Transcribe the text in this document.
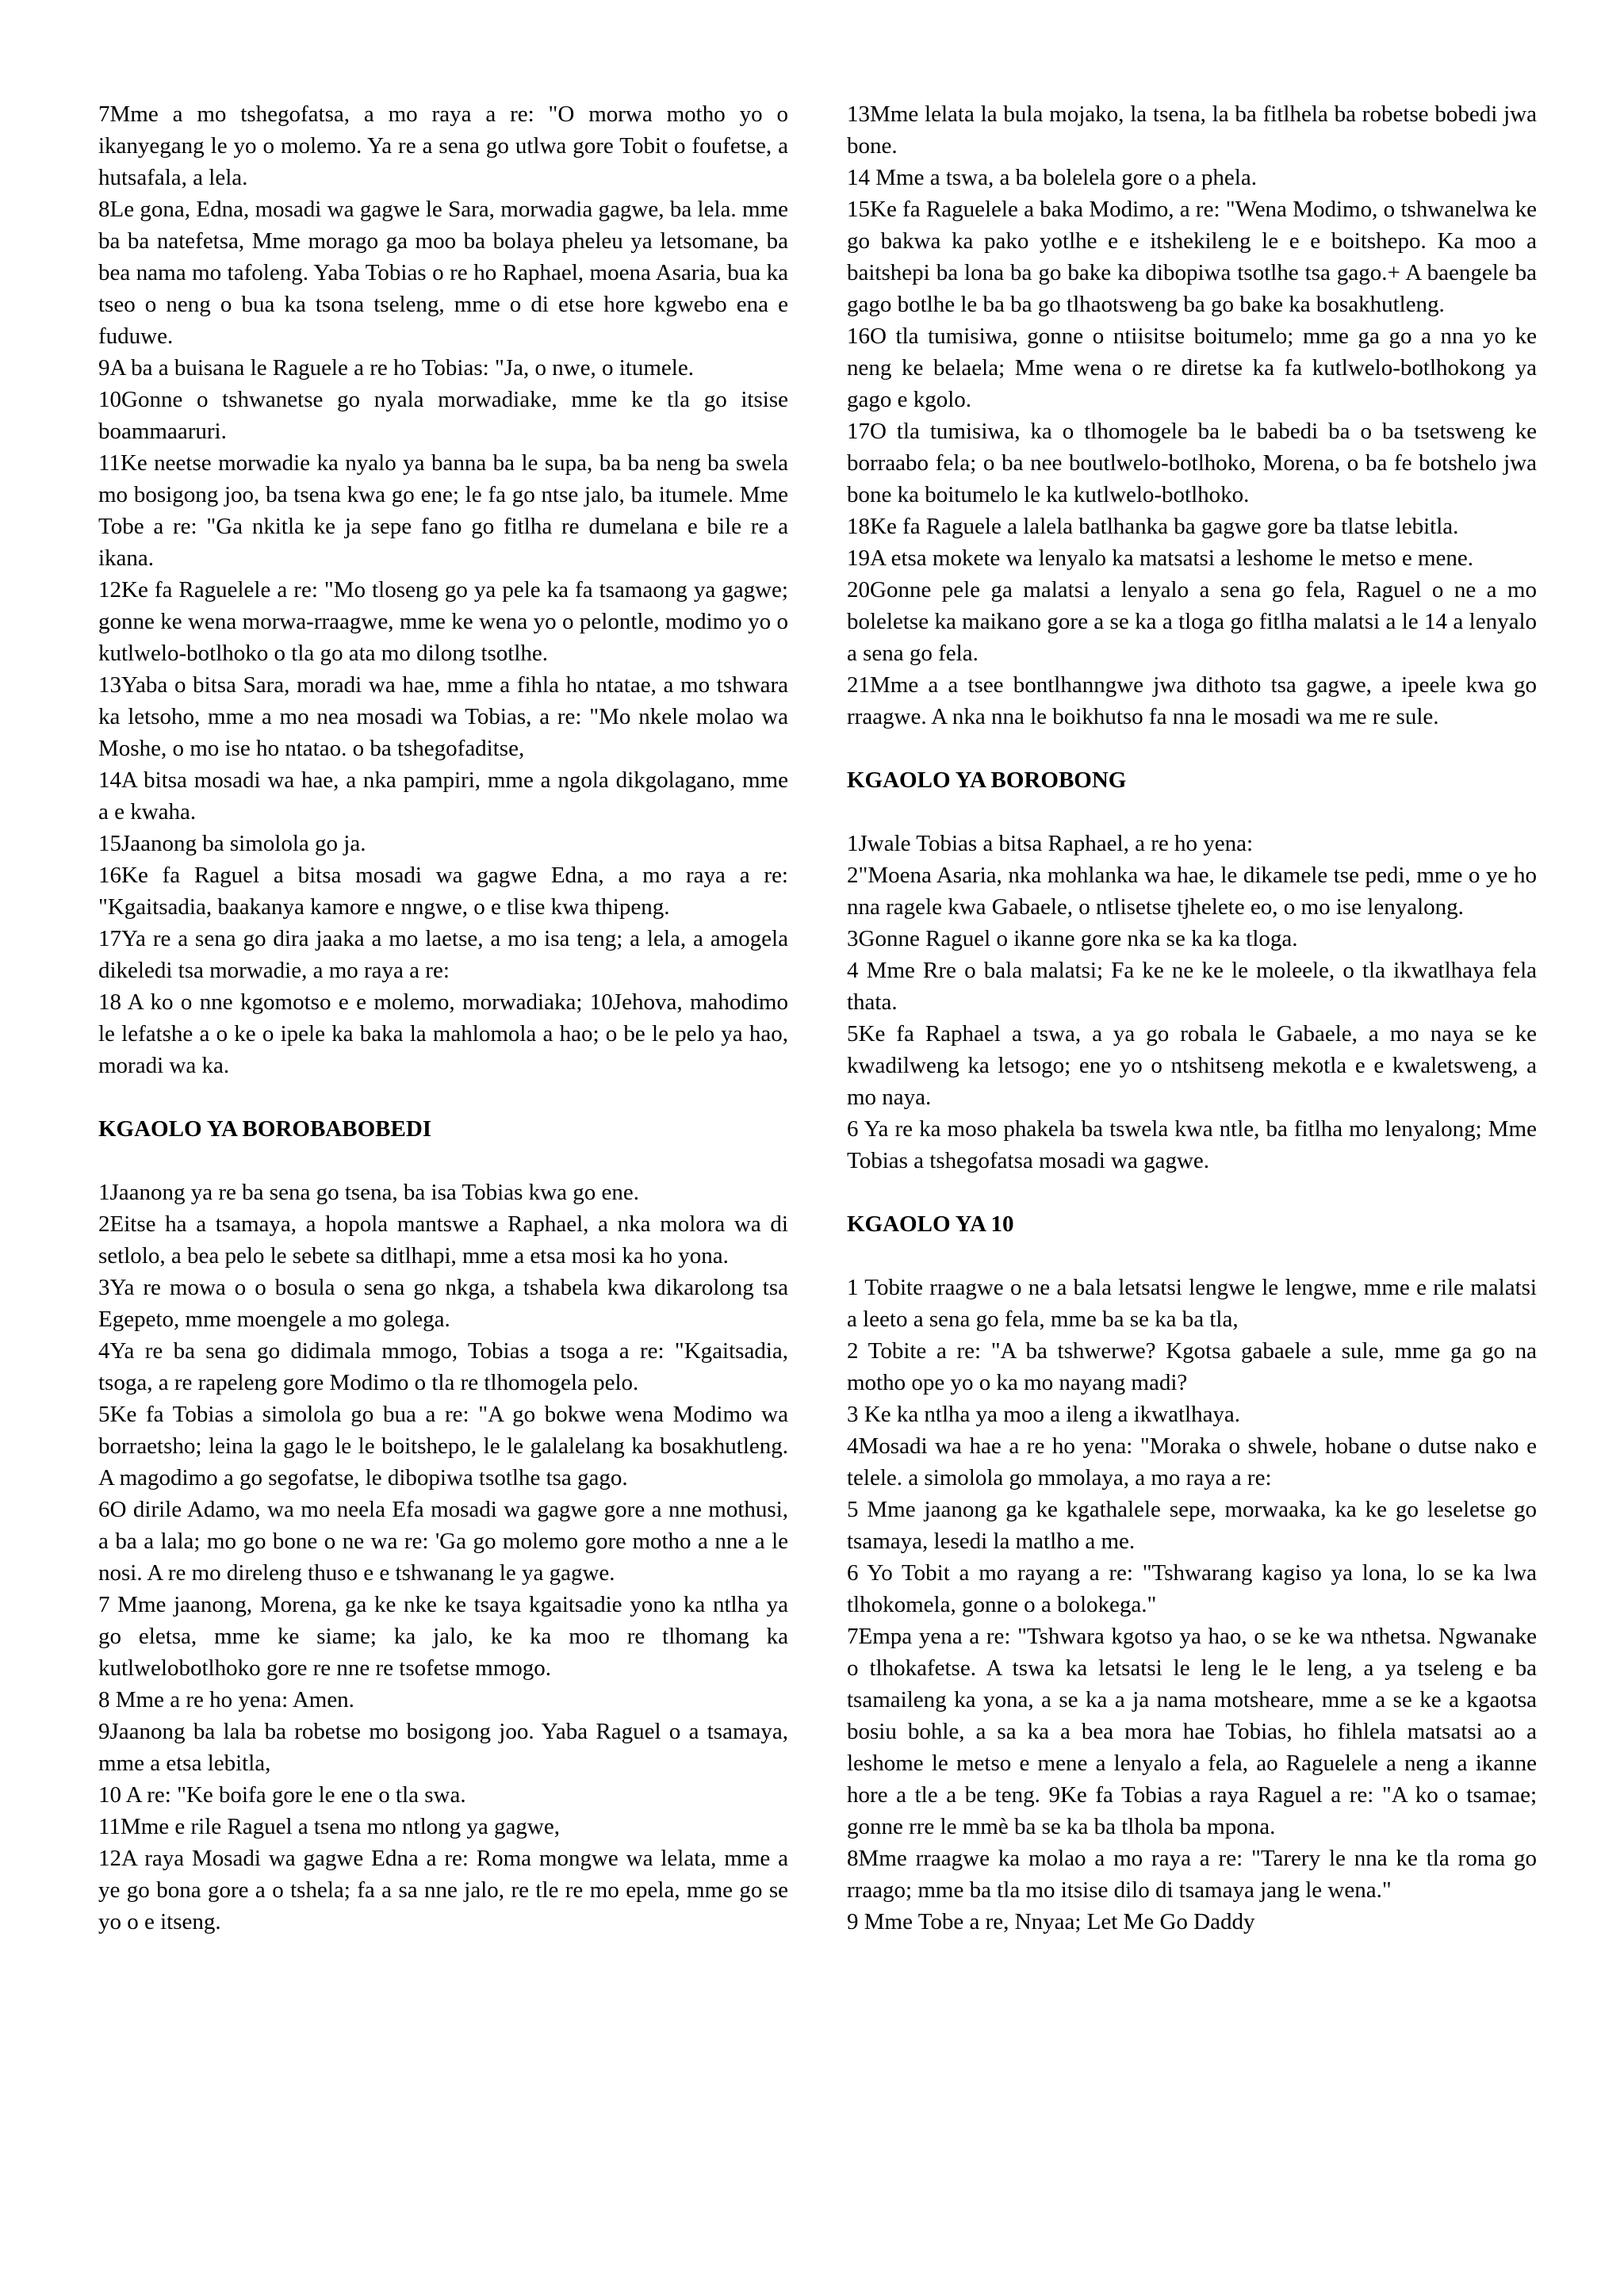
7Mme a mo tshegofatsa, a mo raya a re: "O morwa motho yo o ikanyegang le yo o molemo. Ya re a sena go utlwa gore Tobit o foufetse, a hutsafala, a lela.

8Le gona, Edna, mosadi wa gagwe le Sara, morwadia gagwe, ba lela. mme ba ba natefetsa, Mme morago ga moo ba bolaya pheleu ya letsomane, ba bea nama mo tafoleng. Yaba Tobias o re ho Raphael, moena Asaria, bua ka tseo o neng o bua ka tsona tseleng, mme o di etse hore kgwebo ena e fuduwe.

9A ba a buisana le Raguele a re ho Tobias: "Ja, o nwe, o itumele.

10Gonne o tshwanetse go nyala morwadiake, mme ke tla go itsise boammaaruri.

11Ke neetse morwadie ka nyalo ya banna ba le supa, ba ba neng ba swela mo bosigong joo, ba tsena kwa go ene; le fa go ntse jalo, ba itumele. Mme Tobe a re: "Ga nkitla ke ja sepe fano go fitlha re dumelana e bile re a ikana.

12Ke fa Raguelele a re: "Mo tloseng go ya pele ka fa tsamaong ya gagwe; gonne ke wena morwa-rraagwe, mme ke wena yo o pelontle, modimo yo o kutlwelo-botlhoko o tla go ata mo dilong tsotlhe.

13Yaba o bitsa Sara, moradi wa hae, mme a fihla ho ntatae, a mo tshwara ka letsoho, mme a mo nea mosadi wa Tobias, a re: "Mo nkele molao wa Moshe, o mo ise ho ntatao. o ba tshegofaditse,

14A bitsa mosadi wa hae, a nka pampiri, mme a ngola dikgolagano, mme a e kwaha.

15Jaanong ba simolola go ja.

16Ke fa Raguel a bitsa mosadi wa gagwe Edna, a mo raya a re: "Kgaitsadia, baakanya kamore e nngwe, o e tlise kwa thipeng.

17Ya re a sena go dira jaaka a mo laetse, a mo isa teng; a lela, a amogela dikeledi tsa morwadie, a mo raya a re:

18 A ko o nne kgomotso e e molemo, morwadiaka; 10Jehova, mahodimo le lefatshe a o ke o ipele ka baka la mahlomola a hao; o be le pelo ya hao, moradi wa ka.

KGAOLO YA BOROBABOBEDI

1Jaanong ya re ba sena go tsena, ba isa Tobias kwa go ene.

2Eitse ha a tsamaya, a hopola mantswe a Raphael, a nka molora wa di setlolo, a bea pelo le sebete sa ditlhapi, mme a etsa mosi ka ho yona.

3Ya re mowa o o bosula o sena go nkga, a tshabela kwa dikarolong tsa Egepeto, mme moengele a mo golega.

4Ya re ba sena go didimala mmogo, Tobias a tsoga a re: "Kgaitsadia, tsoga, a re rapeleng gore Modimo o tla re tlhomogela pelo.

5Ke fa Tobias a simolola go bua a re: "A go bokwe wena Modimo wa borraetsho; leina la gago le le boitshepo, le le galalelang ka bosakhutleng. A magodimo a go segofatse, le dibopiwa tsotlhe tsa gago.

6O dirile Adamo, wa mo neela Efa mosadi wa gagwe gore a nne mothusi, a ba a lala; mo go bone o ne wa re: 'Ga go molemo gore motho a nne a le nosi. A re mo direleng thuso e e tshwanang le ya gagwe.

7 Mme jaanong, Morena, ga ke nke ke tsaya kgaitsadie yono ka ntlha ya go eletsa, mme ke siame; ka jalo, ke ka moo re tlhomang ka kutlwelobotlhoko gore re nne re tsofetse mmogo.

8 Mme a re ho yena: Amen.

9Jaanong ba lala ba robetse mo bosigong joo. Yaba Raguel o a tsamaya, mme a etsa lebitla,

10 A re: "Ke boifa gore le ene o tla swa.

11Mme e rile Raguel a tsena mo ntlong ya gagwe,

12A raya Mosadi wa gagwe Edna a re: Roma mongwe wa lelata, mme a ye go bona gore a o tshela; fa a sa nne jalo, re tle re mo epela, mme go se yo o e itseng.

13Mme lelata la bula mojako, la tsena, la ba fitlhela ba robetse bobedi jwa bone.

14 Mme a tswa, a ba bolelela gore o a phela.

15Ke fa Raguelele a baka Modimo, a re: "Wena Modimo, o tshwanelwa ke go bakwa ka pako yotlhe e e itshekileng le e e boitshepo. Ka moo a baitshepi ba lona ba go bake ka dibopiwa tsotlhe tsa gago.+ A baengele ba gago botlhe le ba ba go tlhaotsweng ba go bake ka bosakhutleng.

16O tla tumisiwa, gonne o ntiisitse boitumelo; mme ga go a nna yo ke neng ke belaela; Mme wena o re diretse ka fa kutlwelo-botlhokong ya gago e kgolo.

17O tla tumisiwa, ka o tlhomogele ba le babedi ba o ba tsetsweng ke borraabo fela; o ba nee boutlwelo-botlhoko, Morena, o ba fe botshelo jwa bone ka boitumelo le ka kutlwelo-botlhoko.

18Ke fa Raguele a lalela batlhanka ba gagwe gore ba tlatse lebitla.

19A etsa mokete wa lenyalo ka matsatsi a leshome le metso e mene.

20Gonne pele ga malatsi a lenyalo a sena go fela, Raguel o ne a mo boleletse ka maikano gore a se ka a tloga go fitlha malatsi a le 14 a lenyalo a sena go fela.

21Mme a a tsee bontlhanngwe jwa dithoto tsa gagwe, a ipeele kwa go rraagwe. A nka nna le boikhutso fa nna le mosadi wa me re sule.

KGAOLO YA BOROBONG

1Jwale Tobias a bitsa Raphael, a re ho yena:

2"Moena Asaria, nka mohlanka wa hae, le dikamele tse pedi, mme o ye ho nna ragele kwa Gabaele, o ntlisetse tjhelete eo, o mo ise lenyalong.

3Gonne Raguel o ikanne gore nka se ka ka tloga.

4 Mme Rre o bala malatsi; Fa ke ne ke le moleele, o tla ikwatlhaya fela thata.

5Ke fa Raphael a tswa, a ya go robala le Gabaele, a mo naya se ke kwadilweng ka letsogo; ene yo o ntshitseng mekotla e e kwaletsweng, a mo naya.

6 Ya re ka moso phakela ba tswela kwa ntle, ba fitlha mo lenyalong; Mme Tobias a tshegofatsa mosadi wa gagwe.

KGAOLO YA 10

1 Tobite rraagwe o ne a bala letsatsi lengwe le lengwe, mme e rile malatsi a leeto a sena go fela, mme ba se ka ba tla,

2 Tobite a re: "A ba tshwerwe? Kgotsa gabaele a sule, mme ga go na motho ope yo o ka mo nayang madi?

3 Ke ka ntlha ya moo a ileng a ikwatlhaya.

4Mosadi wa hae a re ho yena: "Moraka o shwele, hobane o dutse nako e telele. a simolola go mmolaya, a mo raya a re:

5 Mme jaanong ga ke kgathalele sepe, morwaaka, ka ke go leseletse go tsamaya, lesedi la matlho a me.

6 Yo Tobit a mo rayang a re: "Tshwarang kagiso ya lona, lo se ka lwa tlhokomela, gonne o a bolokega."

7Empa yena a re: "Tshwara kgotso ya hao, o se ke wa nthetsa. Ngwanake o tlhokafetse. A tswa ka letsatsi le leng le le leng, a ya tseleng e ba tsamaileng ka yona, a se ka a ja nama motsheare, mme a se ke a kgaotsa bosiu bohle, a sa ka a bea mora hae Tobias, ho fihlela matsatsi ao a leshome le metso e mene a lenyalo a fela, ao Raguelele a neng a ikanne hore a tle a be teng. 9Ke fa Tobias a raya Raguel a re: "A ko o tsamae; gonne rre le mmè ba se ka ba tlhola ba mpona.

8Mme rraagwe ka molao a mo raya a re: "Tarery le nna ke tla roma go rraago; mme ba tla mo itsise dilo di tsamaya jang le wena."

9 Mme Tobe a re, Nnyaa; Let Me Go Daddy
